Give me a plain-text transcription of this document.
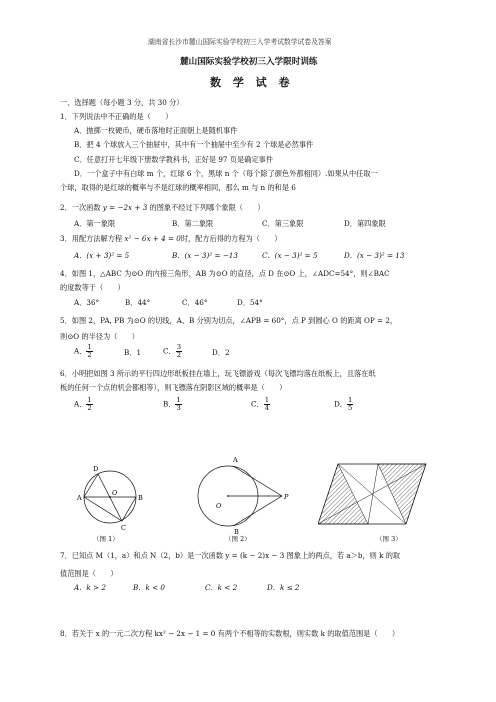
湖南省长沙市麓山国际实验学校初三入学考试数学试卷及答案
麓山国际实验学校初三入学限时训练
数 学 试 卷
一、选择题（每小题 3 分，共 30 分）
1．下列说法中不正确的是（　　）
A．抛掷一枚硬币，硬币落地时正面朝上是随机事件
B．把 4 个球放入三个抽屉中，其中有一个抽屉中至少有 2 个球是必然事件
C．任意打开七年级下册数学教科书，正好是 97 页是确定事件
D．一个盒子中有白球 m 个，红球 6 个，黑球 n 个（每个除了颜色外都相同）.如果从中任取一
个球，取得的是红球的概率与不是红球的概率相同，那么 m 与 n 的和是 6
2．一次函数 y = −2x + 3 的图象不经过下列哪个象限（　　）
A．第一象限	B．第二象限	C．第三象限	D．第四象限
3．用配方法解方程 x² − 6x + 4 = 0时，配方后得的方程为（　　）
A．(x + 3)² = 5	B．(x − 3)² = −13	C．(x − 3)² = 5	D．(x − 3)² = 13
4．如图 1，△ABC 为⊙O 的内接三角形，AB 为⊙O 的直径，点 D 在⊙O 上，∠ADC=54°，则∠BAC
的度数等于（　　）
A．36°	B．44°	C．46°	D．54°
5．如图 2，PA, PB 为⊙O 的切线，A、B 分别为切点，∠APB = 60°，点 P 到圆心 O 的距离 OP = 2，
则⊙O 的半径为（　　）
A． $\frac{1}{2}$	B．1	C． $\frac{3}{2}$	D．2
6．小明把如图 3 所示的平行四边形纸板挂在墙上，玩飞镖游戏（每次飞镖均落在纸板上，且落在纸
板的任何一个点的机会都相等），则飞镖落在阴影区域的概率是（　　）
A． $\frac{1}{2}$	B． $\frac{1}{3}$	C． $\frac{1}{4}$	D． $\frac{1}{5}$
D
A
O
B
C
（图 1）
A
O
P
B
（图 2）	（图 3）
7．已知点 M（1，a）和点 N（2，b）是一次函数 y = (k − 2)x − 3 图象上的两点，若 a＞b，则 k 的取
值范围是（　　）
A．k > 2	B．k < 0	C．k < 2	D．k ≤ 2
8．若关于 x 的一元二次方程 kx² − 2x − 1 = 0 有两个不相等的实数根，则实数 k 的取值范围是（　　）
